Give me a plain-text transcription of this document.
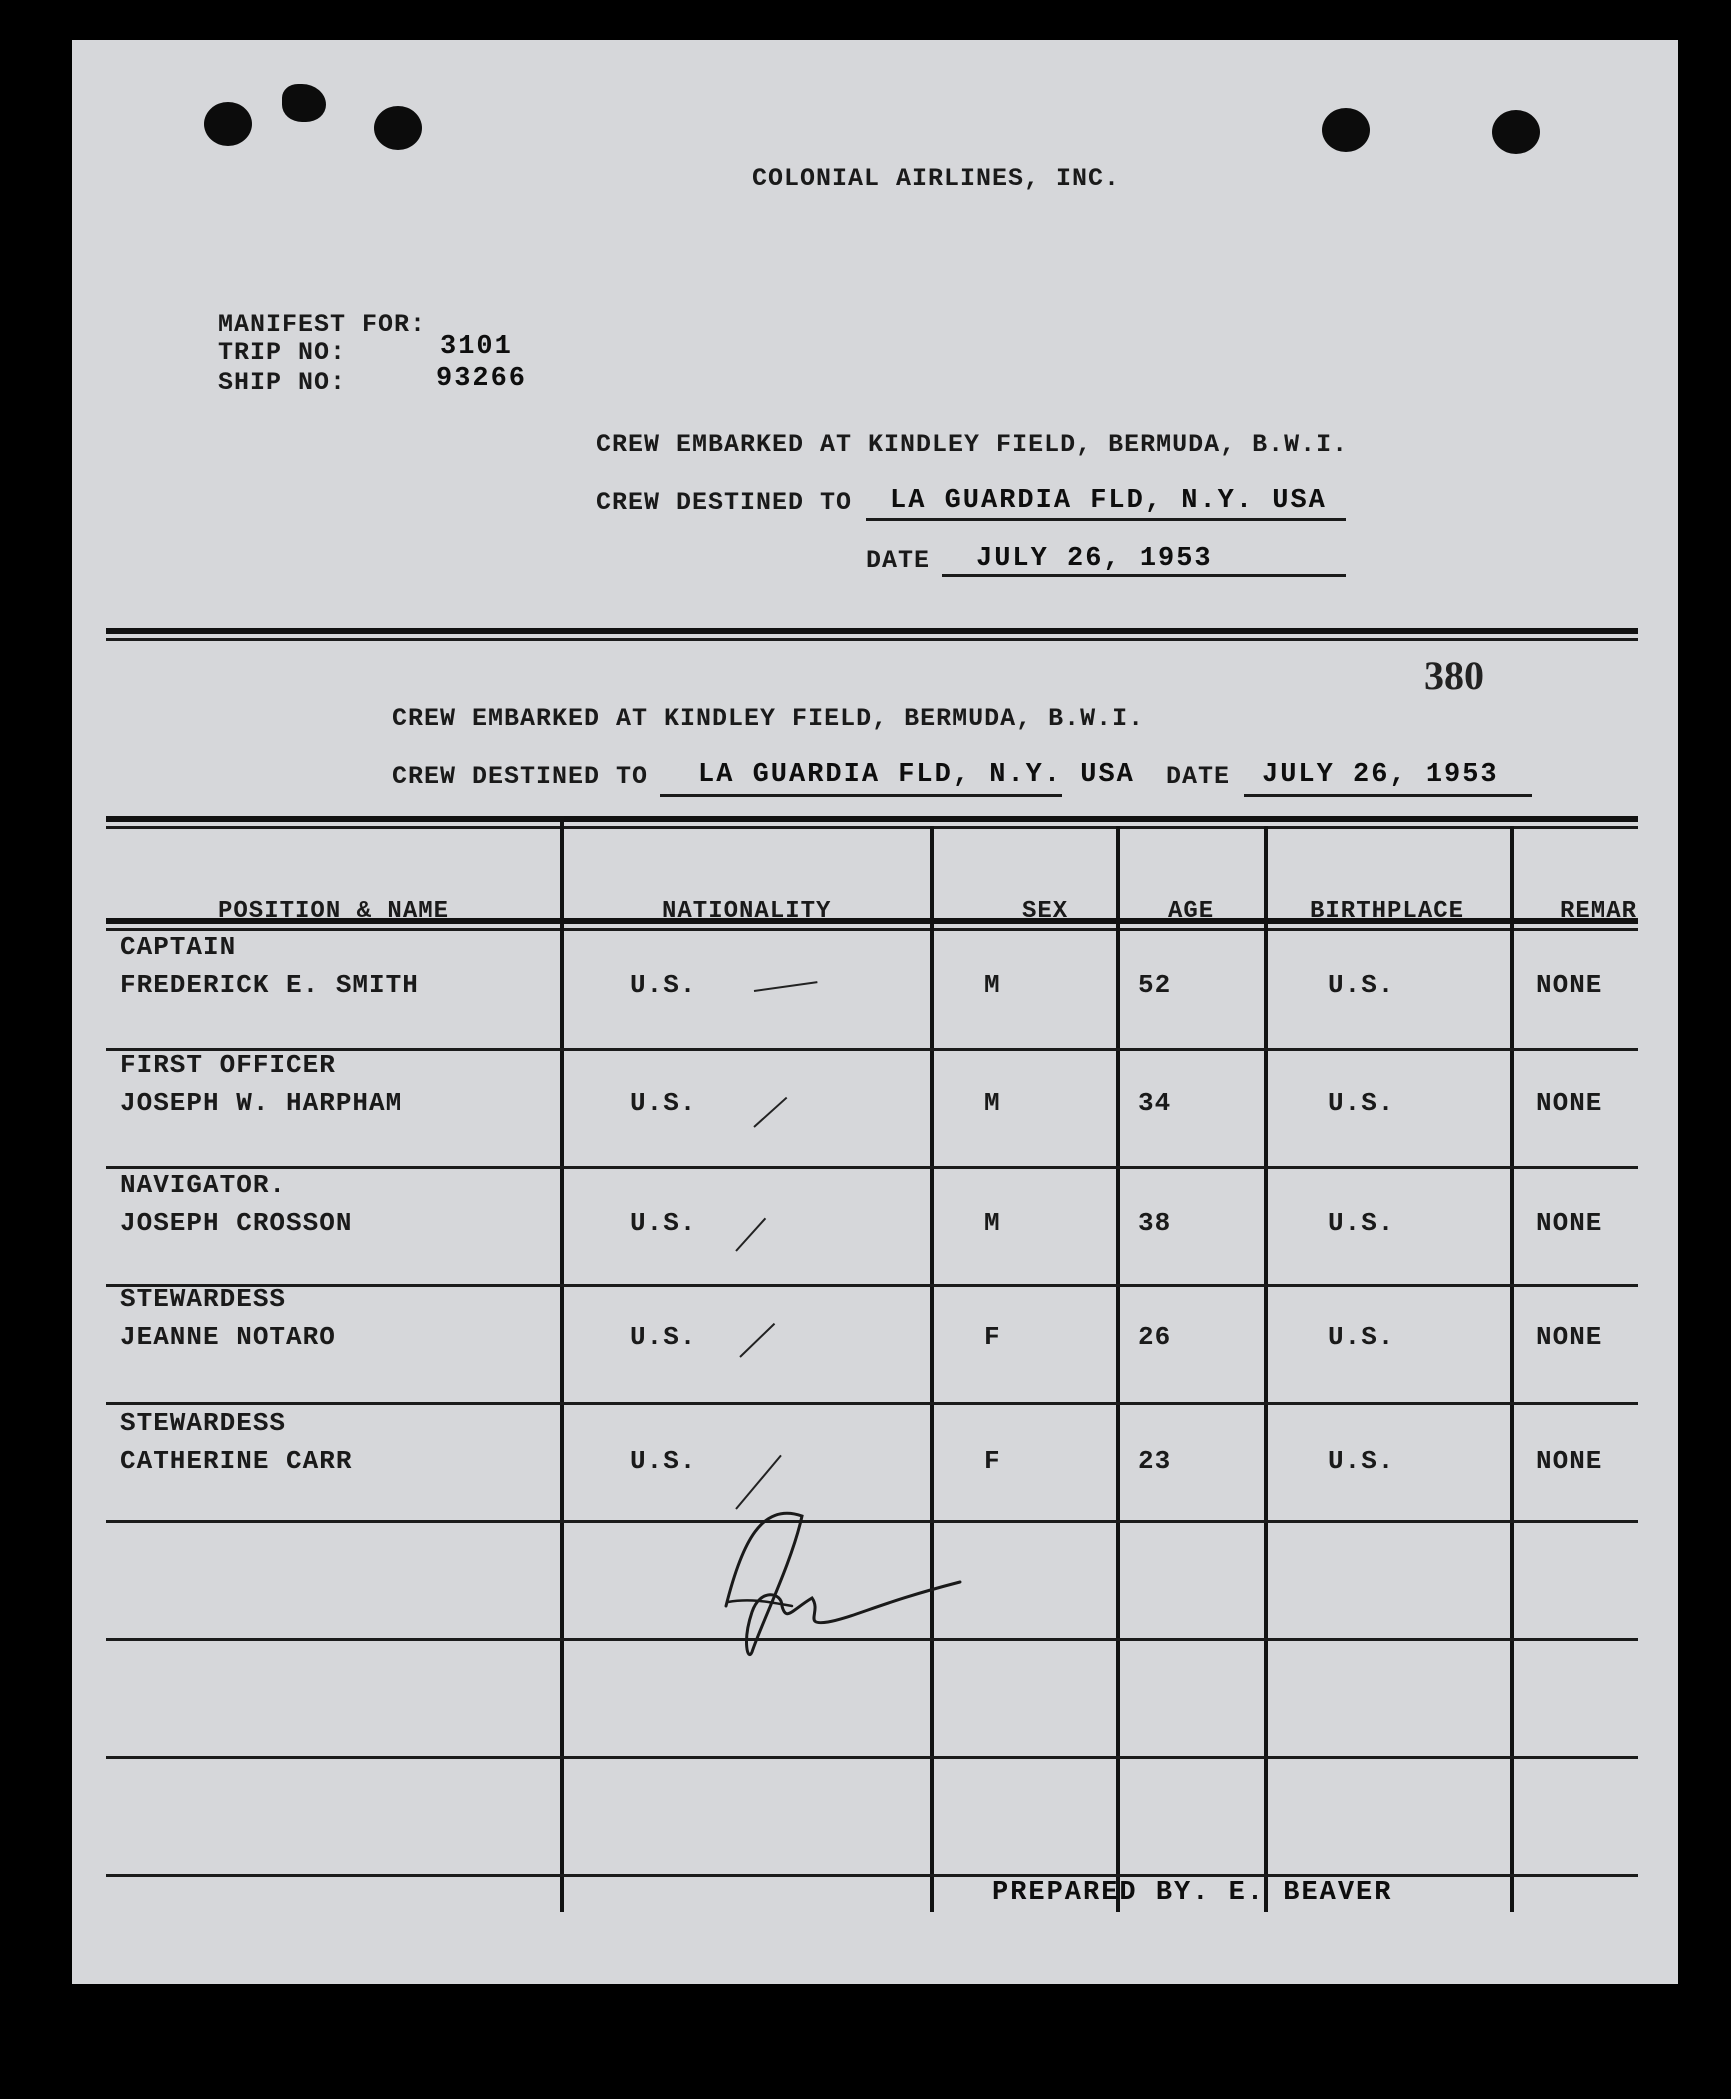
COLONIAL AIRLINES, INC.
MANIFEST FOR:
TRIP NO:	3101
SHIP NO:	93266
CREW EMBARKED AT KINDLEY FIELD, BERMUDA, B.W.I.
CREW DESTINED TO LA GUARDIA FLD, N.Y. USA
DATE JULY 26, 1953
380
CREW EMBARKED AT KINDLEY FIELD, BERMUDA, B.W.I.
CREW DESTINED TO LA GUARDIA FLD, N.Y. USA DATE JULY 26, 1953
POSITION & NAME	NATIONALITY	SEX	AGE	BIRTHPLACE	REMAR
CAPTAIN
FREDERICK E. SMITH	U.S.	M	52	U.S.	NONE
FIRST OFFICER
JOSEPH W. HARPHAM	U.S.	M	34	U.S.	NONE
NAVIGATOR.
JOSEPH CROSSON	U.S.	M	38	U.S.	NONE
STEWARDESS
JEANNE NOTARO	U.S.	F	26	U.S.	NONE
STEWARDESS
CATHERINE CARR	U.S.	F	23	U.S.	NONE
PREPARED BY. E. BEAVER
